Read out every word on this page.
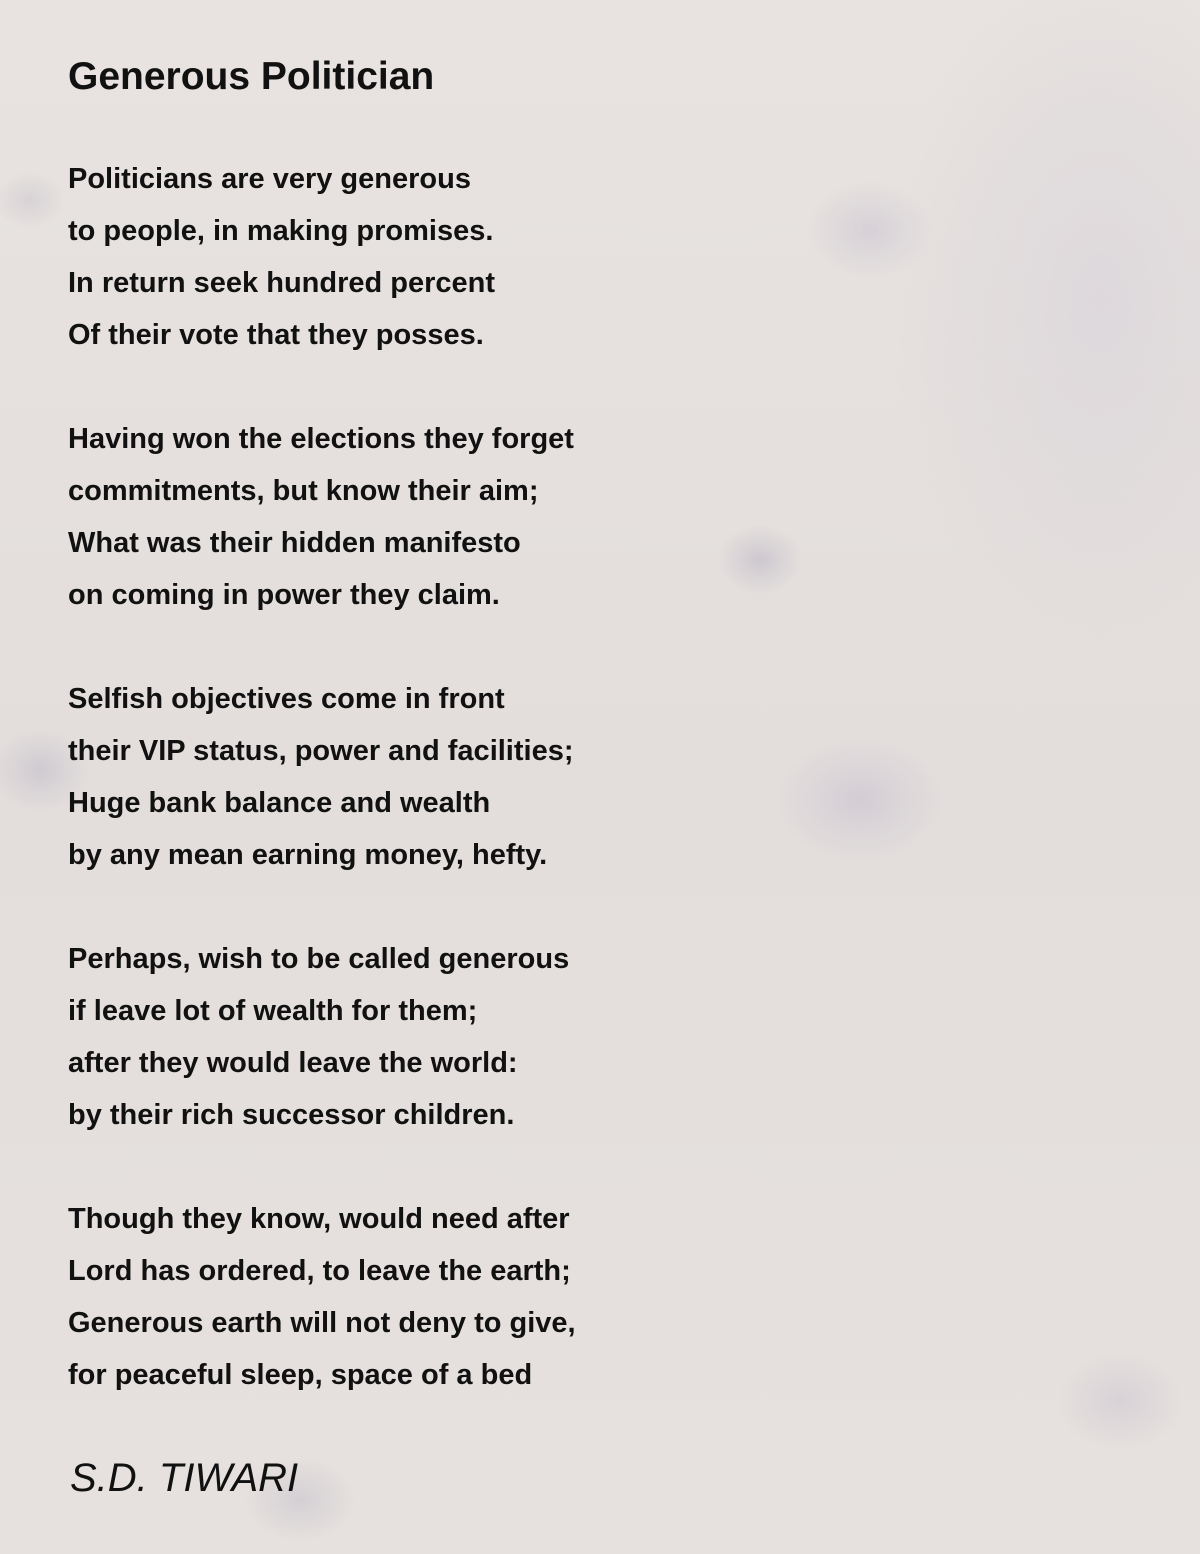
Generous Politician
Politicians are very generous
to people, in making promises.
In return seek hundred percent
Of their vote that they posses.
Having won the elections they forget
commitments, but know their aim;
What was their hidden manifesto
on coming in power they claim.
Selfish objectives come in front
their VIP status, power and facilities;
Huge bank balance and wealth
by any mean earning money, hefty.
Perhaps, wish to be called generous
if leave lot of wealth for them;
after they would leave the world:
by their rich successor children.
Though they know, would need after
Lord has ordered, to leave the earth;
Generous earth will not deny to give,
for peaceful sleep, space of a bed

S.D. TIWARI
